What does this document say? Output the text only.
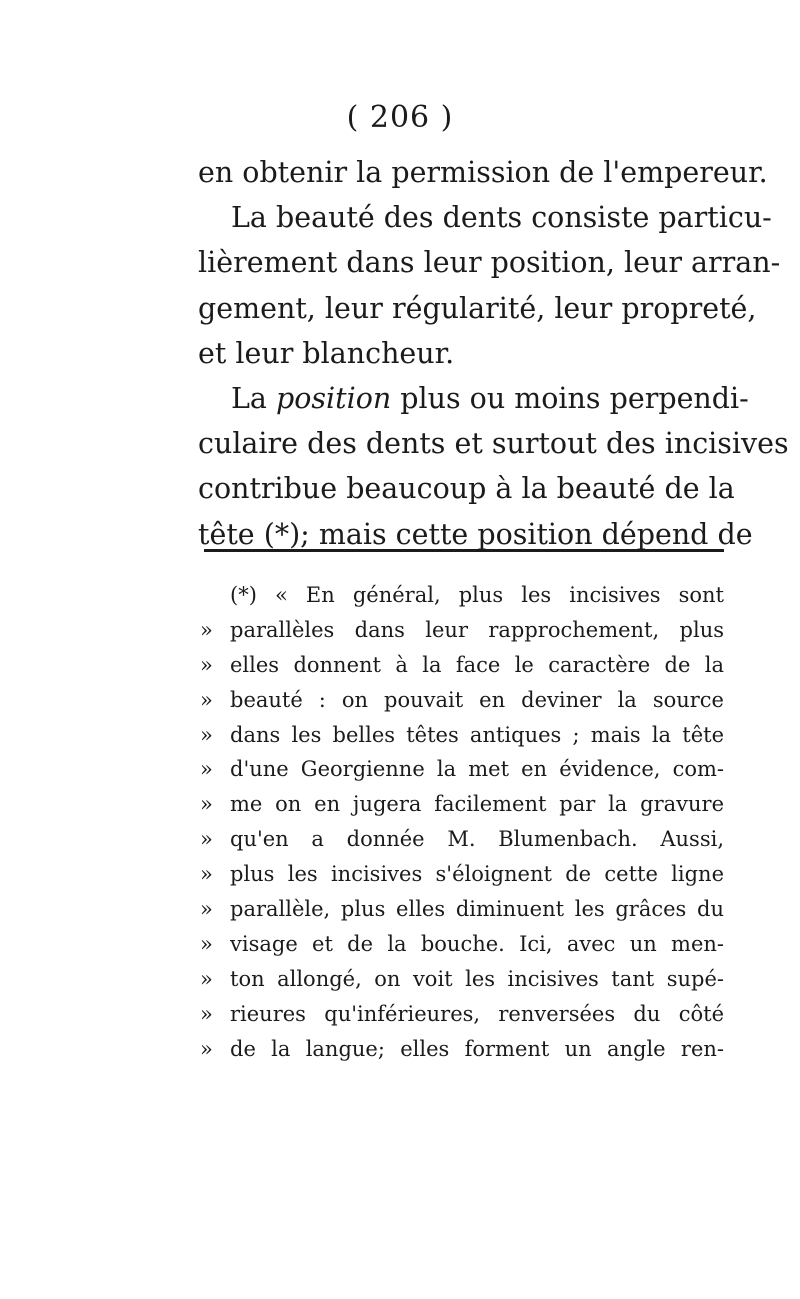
( 206 )
en obtenir la permission de l'empereur.
La beauté des dents consiste particu-
lièrement dans leur position, leur arran-
gement, leur régularité, leur propreté,
et leur blancheur.
La position plus ou moins perpendi-
culaire des dents et surtout des incisives
contribue beaucoup à la beauté de la
tête (*); mais cette position dépend de
(*) « En général, plus les incisives sont
» parallèles dans leur rapprochement, plus
» elles donnent à la face le caractère de la
» beauté : on pouvait en deviner la source
» dans les belles têtes antiques ; mais la tête
» d'une Georgienne la met en évidence, com-
» me on en jugera facilement par la gravure
» qu'en a donnée M. Blumenbach. Aussi,
» plus les incisives s'éloignent de cette ligne
» parallèle, plus elles diminuent les grâces du
» visage et de la bouche. Ici, avec un men-
» ton allongé, on voit les incisives tant supé-
» rieures qu'inférieures, renversées du côté
» de la langue; elles forment un angle ren-
